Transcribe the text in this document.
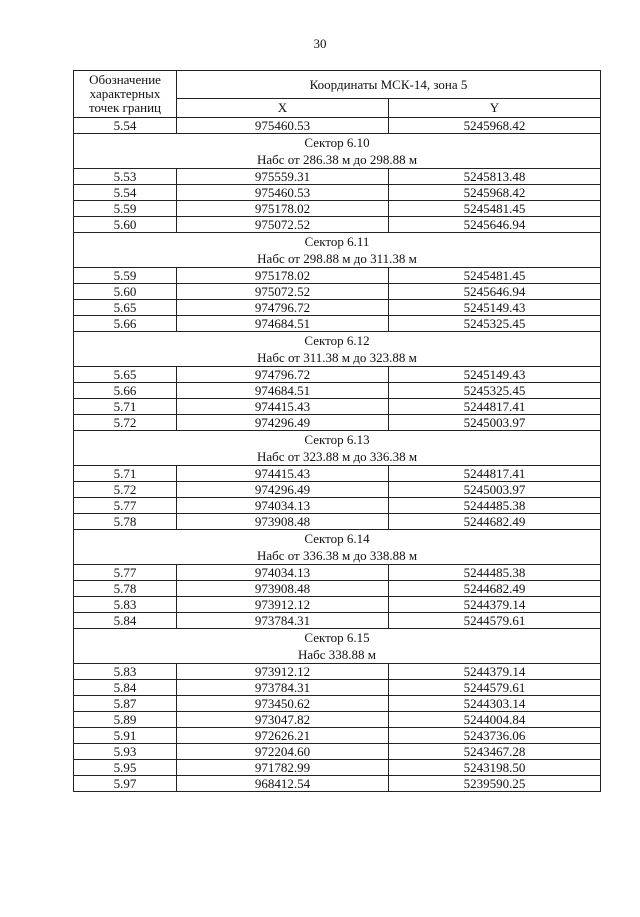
30
Обозначение
характерных
точек границ	Координаты МСК-14, зона 5	
	X	Y
5.54	975460.53	5245968.42

Сектор 6.10
Набс от 286.38 м до 298.88 м		

5.53	975559.31	5245813.48
5.54	975460.53	5245968.42
5.59	975178.02	5245481.45
5.60	975072.52	5245646.94

Сектор 6.11
Набс от 298.88 м до 311.38 м		

5.59	975178.02	5245481.45
5.60	975072.52	5245646.94
5.65	974796.72	5245149.43
5.66	974684.51	5245325.45

Сектор 6.12
Набс от 311.38 м до 323.88 м		

5.65	974796.72	5245149.43
5.66	974684.51	5245325.45
5.71	974415.43	5244817.41
5.72	974296.49	5245003.97

Сектор 6.13
Набс от 323.88 м до 336.38 м		

5.71	974415.43	5244817.41
5.72	974296.49	5245003.97
5.77	974034.13	5244485.38
5.78	973908.48	5244682.49

Сектор 6.14
Набс от 336.38 м до 338.88 м		

5.77	974034.13	5244485.38
5.78	973908.48	5244682.49
5.83	973912.12	5244379.14
5.84	973784.31	5244579.61

Сектор 6.15
Набс 338.88 м		

5.83	973912.12	5244379.14
5.84	973784.31	5244579.61
5.87	973450.62	5244303.14
5.89	973047.82	5244004.84
5.91	972626.21	5243736.06
5.93	972204.60	5243467.28
5.95	971782.99	5243198.50
5.97	968412.54	5239590.25
